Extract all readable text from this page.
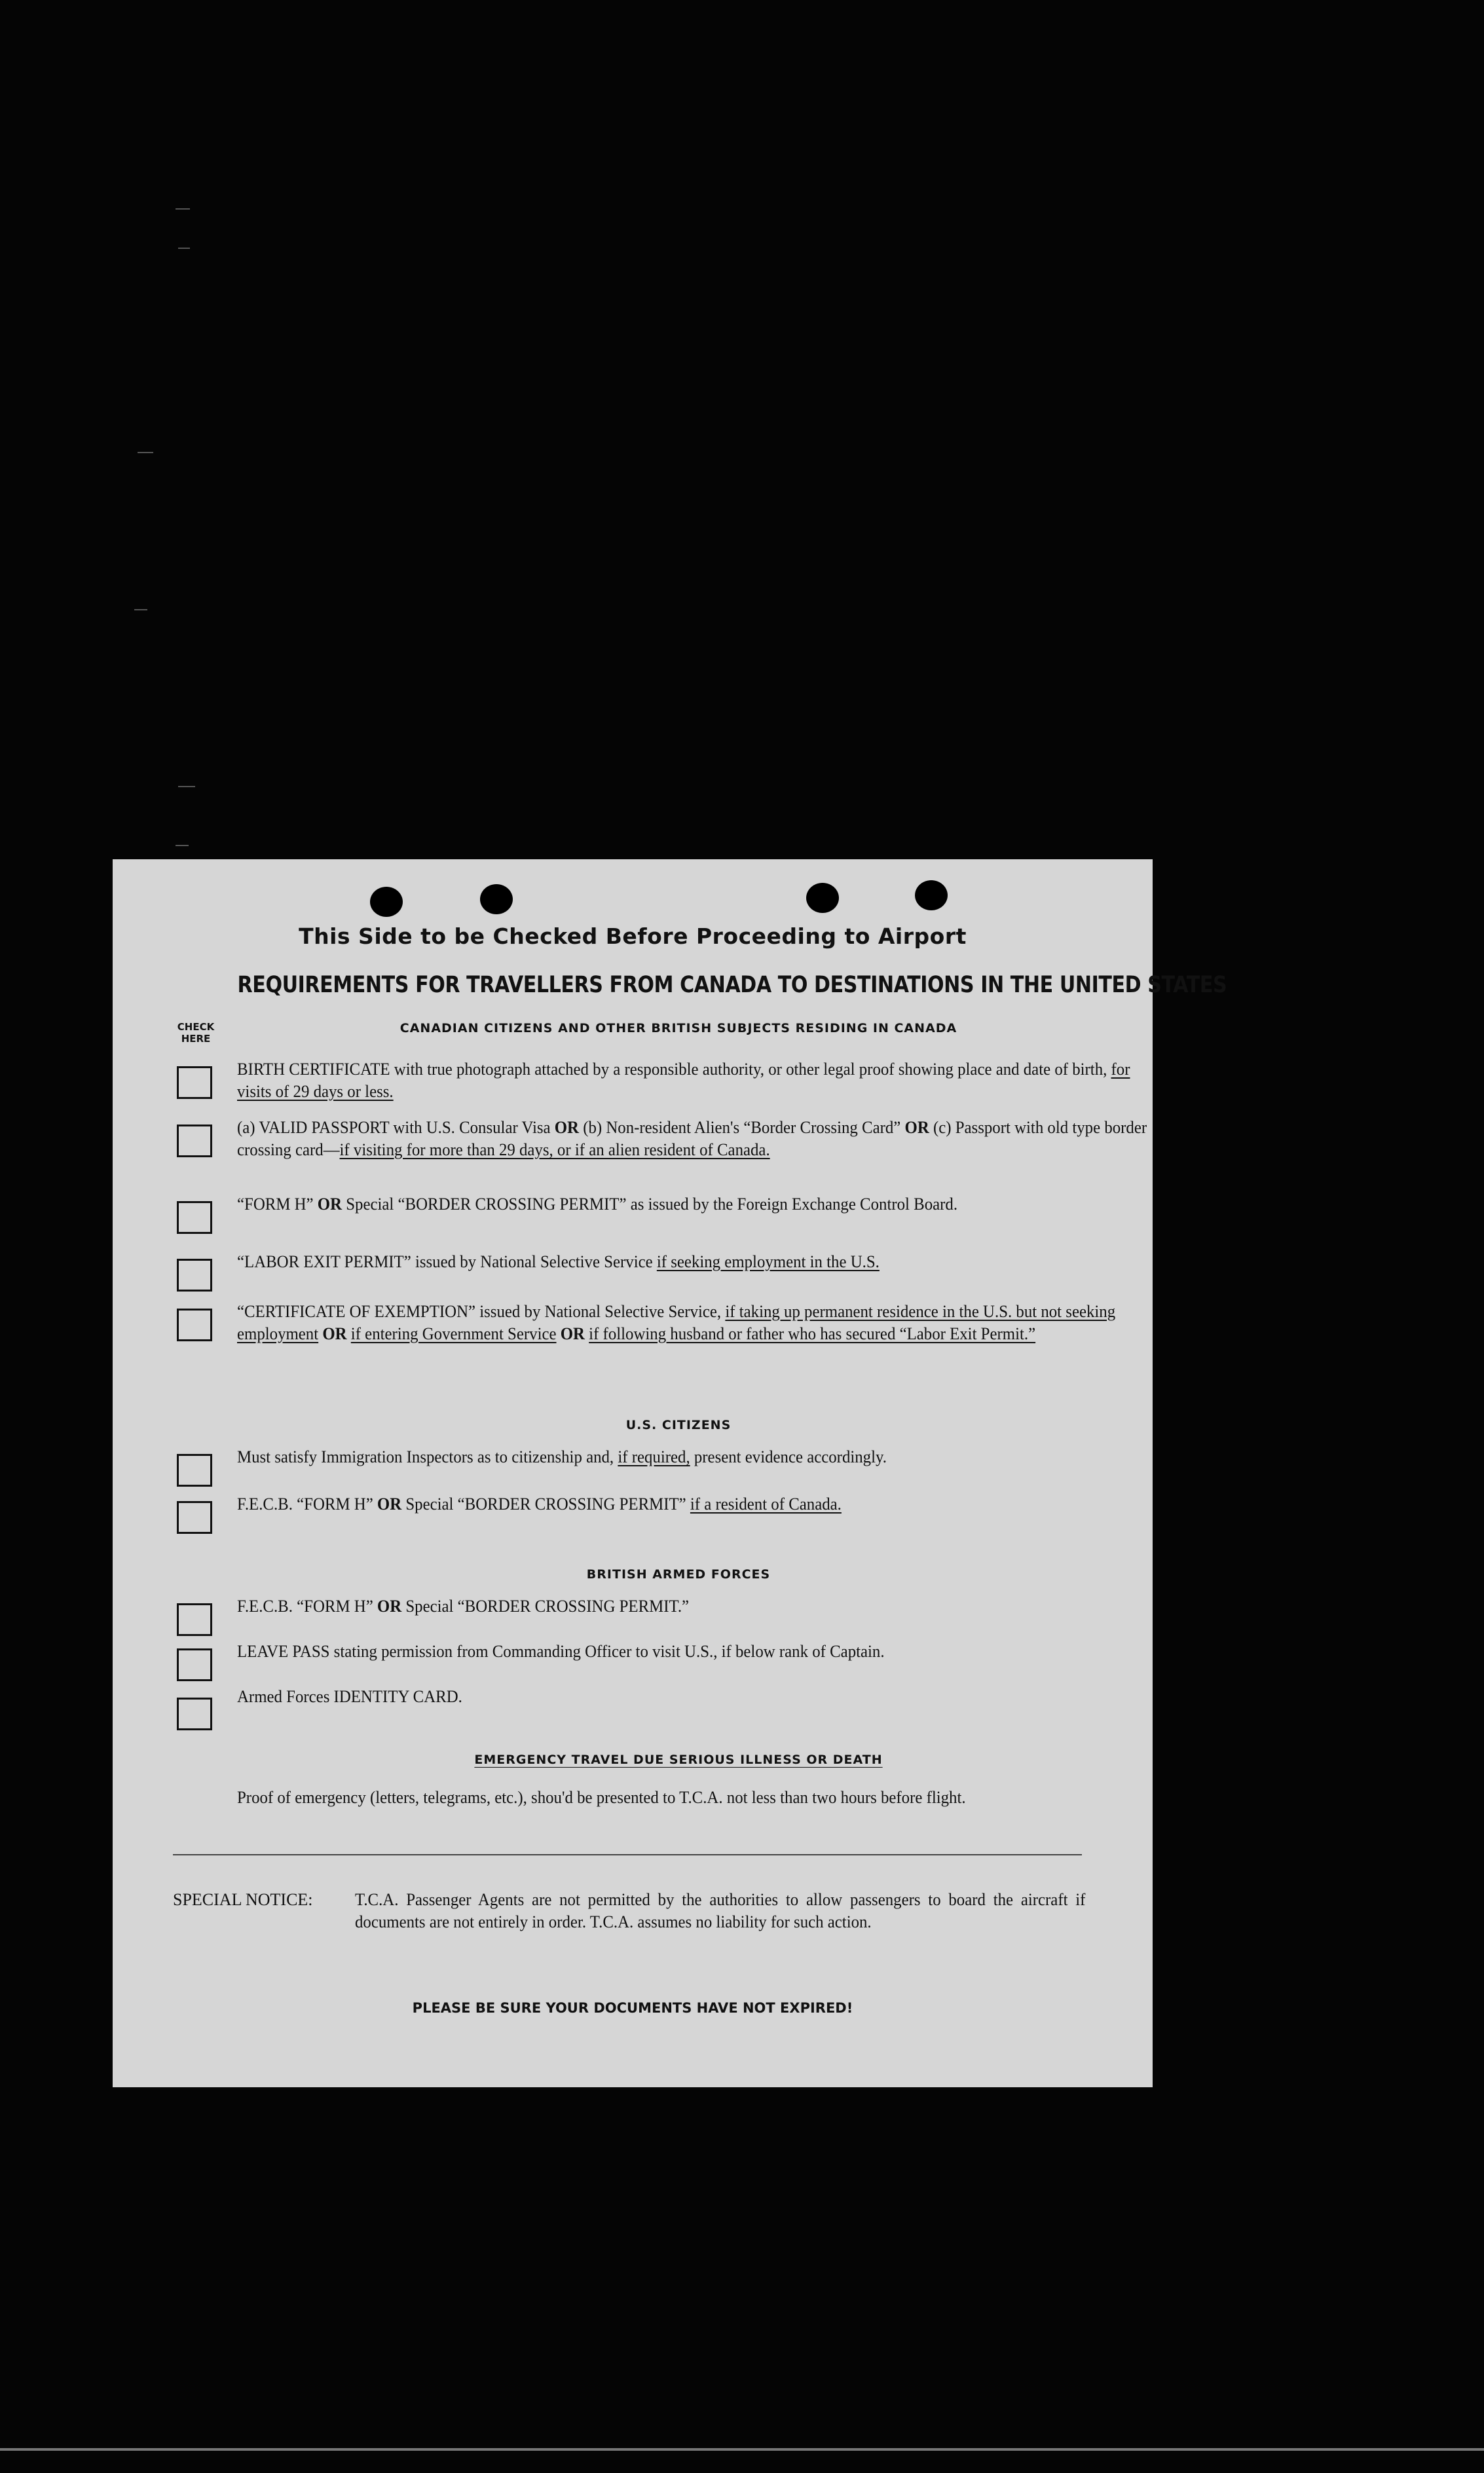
This Side to be Checked Before Proceeding to Airport
REQUIREMENTS FOR TRAVELLERS FROM CANADA TO DESTINATIONS IN THE UNITED STATES
CHECK
HERE
CANADIAN CITIZENS AND OTHER BRITISH SUBJECTS RESIDING IN CANADA
BIRTH CERTIFICATE with true photograph attached by a responsible authority, or other legal proof showing place and date of birth, for visits of 29 days or less.
(a) VALID PASSPORT with U.S. Consular Visa OR (b) Non-resident Alien's “Border Crossing Card” OR (c) Passport with old type border crossing card—if visiting for more than 29 days, or if an alien resident of Canada.
“FORM H” OR Special “BORDER CROSSING PERMIT” as issued by the Foreign Exchange Control Board.
“LABOR EXIT PERMIT” issued by National Selective Service if seeking employment in the U.S.
“CERTIFICATE OF EXEMPTION” issued by National Selective Service, if taking up permanent residence in the U.S. but not seeking employment OR if entering Government Service OR if following husband or father who has secured “Labor Exit Permit.”
U.S. CITIZENS
Must satisfy Immigration Inspectors as to citizenship and, if required, present evidence accordingly.
F.E.C.B. “FORM H” OR Special “BORDER CROSSING PERMIT” if a resident of Canada.
BRITISH ARMED FORCES
F.E.C.B. “FORM H” OR Special “BORDER CROSSING PERMIT.”
LEAVE PASS stating permission from Commanding Officer to visit U.S., if below rank of Captain.
Armed Forces IDENTITY CARD.
EMERGENCY TRAVEL DUE SERIOUS ILLNESS OR DEATH
Proof of emergency (letters, telegrams, etc.), shou'd be presented to T.C.A. not less than two hours before flight.
SPECIAL NOTICE: T.C.A. Passenger Agents are not permitted by the authorities to allow passengers to board the aircraft if documents are not entirely in order. T.C.A. assumes no liability for such action.
PLEASE BE SURE YOUR DOCUMENTS HAVE NOT EXPIRED!
